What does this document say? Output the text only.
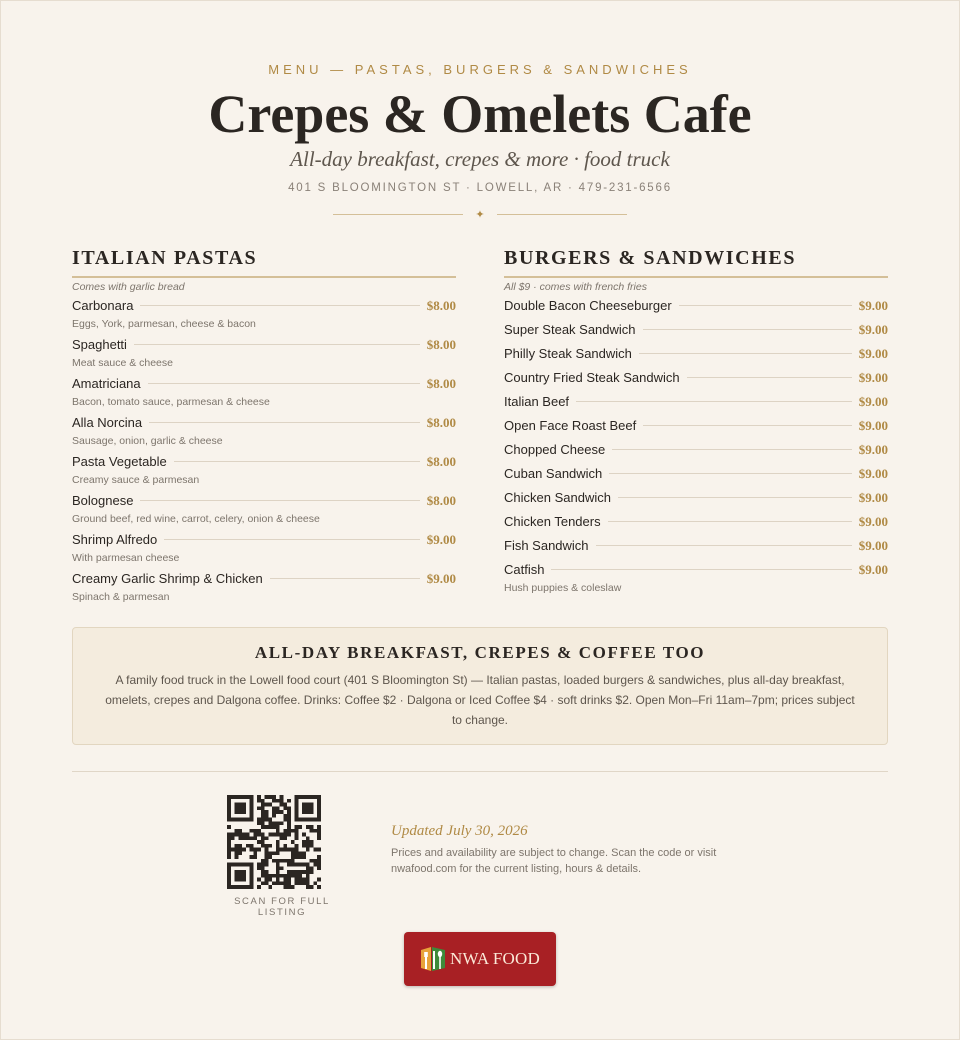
MENU — PASTAS, BURGERS & SANDWICHES
Crepes & Omelets Cafe
All-day breakfast, crepes & more · food truck
401 S BLOOMINGTON ST · LOWELL, AR · 479-231-6566
✦
ITALIAN PASTAS
Comes with garlic bread
Carbonara	$8.00
Eggs, York, parmesan, cheese & bacon
Spaghetti	$8.00
Meat sauce & cheese
Amatriciana	$8.00
Bacon, tomato sauce, parmesan & cheese
Alla Norcina	$8.00
Sausage, onion, garlic & cheese
Pasta Vegetable	$8.00
Creamy sauce & parmesan
Bolognese	$8.00
Ground beef, red wine, carrot, celery, onion & cheese
Shrimp Alfredo	$9.00
With parmesan cheese
Creamy Garlic Shrimp & Chicken	$9.00
Spinach & parmesan
BURGERS & SANDWICHES
All $9 · comes with french fries
Double Bacon Cheeseburger	$9.00
Super Steak Sandwich	$9.00
Philly Steak Sandwich	$9.00
Country Fried Steak Sandwich	$9.00
Italian Beef	$9.00
Open Face Roast Beef	$9.00
Chopped Cheese	$9.00
Cuban Sandwich	$9.00
Chicken Sandwich	$9.00
Chicken Tenders	$9.00
Fish Sandwich	$9.00
Catfish	$9.00
Hush puppies & coleslaw
ALL-DAY BREAKFAST, CREPES & COFFEE TOO

A family food truck in the Lowell food court (401 S Bloomington St) — Italian pastas, loaded burgers & sandwiches, plus all-day breakfast, omelets, crepes and Dalgona coffee. Drinks: Coffee $2 · Dalgona or Iced Coffee $4 · soft drinks $2. Open Mon–Fri 11am–7pm; prices subject to change.

SCAN FOR FULL LISTING
Updated July 30, 2026

Prices and availability are subject to change. Scan the code or visit nwafood.com for the current listing, hours & details.

NWA FOOD
